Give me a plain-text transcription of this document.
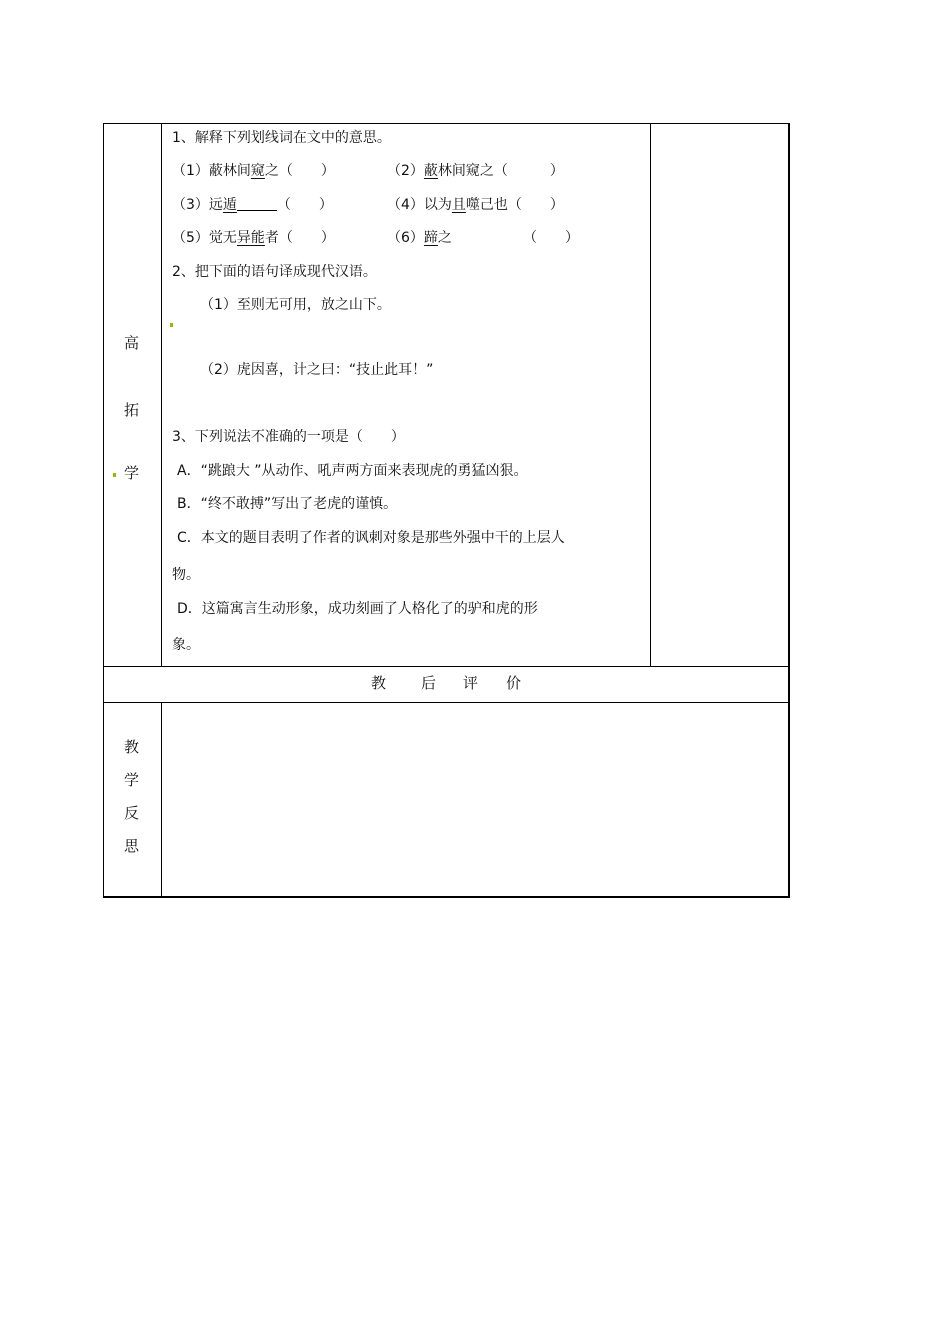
高
拓
学
1、解释下列划线词在文中的意思。
（1）蔽林间窥之（　　）	（2）蔽林间窥之（　　　）
（3）远遁	（　　）	（4）以为且噬己也（　　）
（5）觉无异能者（　　）	（6）蹄之	（　　）
2、把下面的语句译成现代汉语。
（1）至则无可用，放之山下。
（2）虎因喜，计之曰：“技止此耳！”
3、下列说法不准确的一项是（　　）
A．“跳踉大 ”从动作、吼声两方面来表现虎的勇猛凶狠。
B．“终不敢搏”写出了老虎的谨慎。
C．本文的题目表明了作者的讽刺对象是那些外强中干的上层人
物。
D．这篇寓言生动形象，成功刻画了人格化了的驴和虎的形
象。
教 后 评 价
教
学
反
思
